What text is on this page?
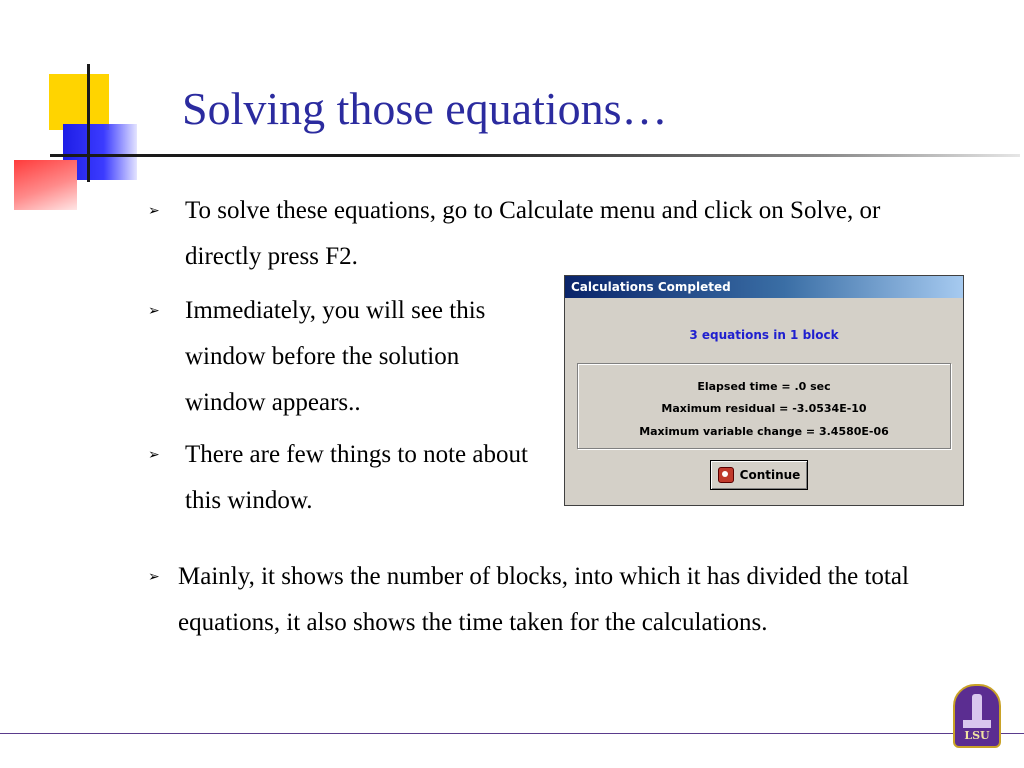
Solving those equations…
➢ To solve these equations, go to Calculate menu and click on Solve, or directly press F2.
➢ Immediately, you will see this window before the solution window appears..
➢ There are few things to note about this window.
➢ Mainly, it shows the number of blocks, into which it has divided the total equations, it also shows the time taken for the calculations.
Calculations Completed
3 equations in 1 block
Elapsed time = .0 sec
Maximum residual = -3.0534E-10
Maximum variable change = 3.4580E-06
Continue
LSU
